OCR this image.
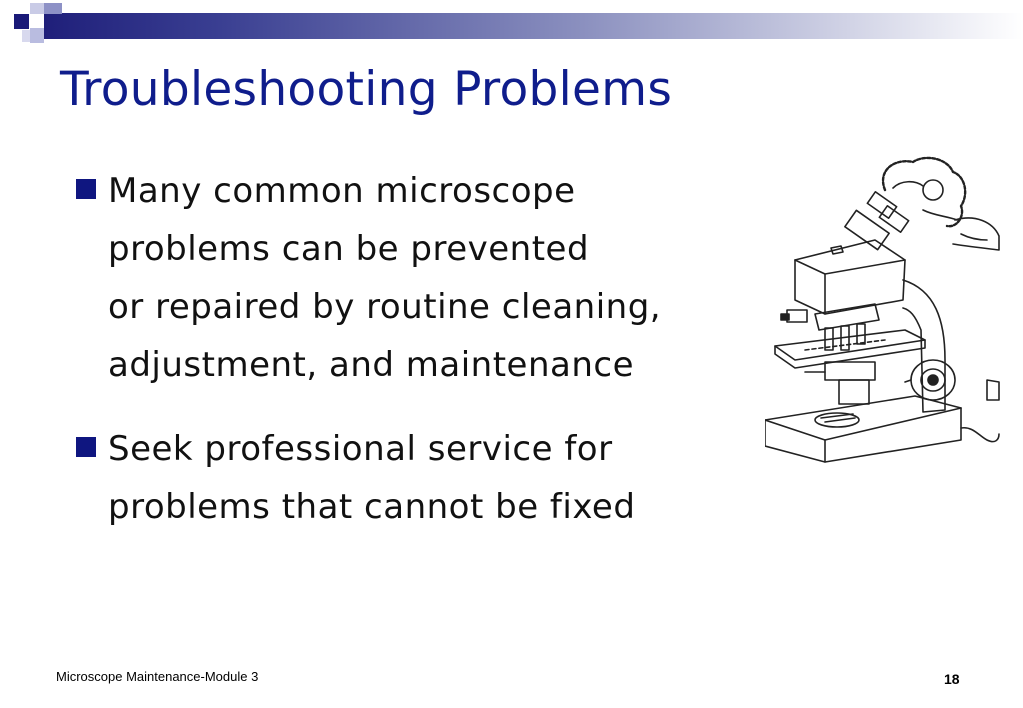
Troubleshooting Problems
Many common microscope
problems can be prevented
or repaired by routine cleaning,
adjustment, and maintenance
Seek professional service for
problems that cannot be fixed
Microscope Maintenance-Module 3	18
